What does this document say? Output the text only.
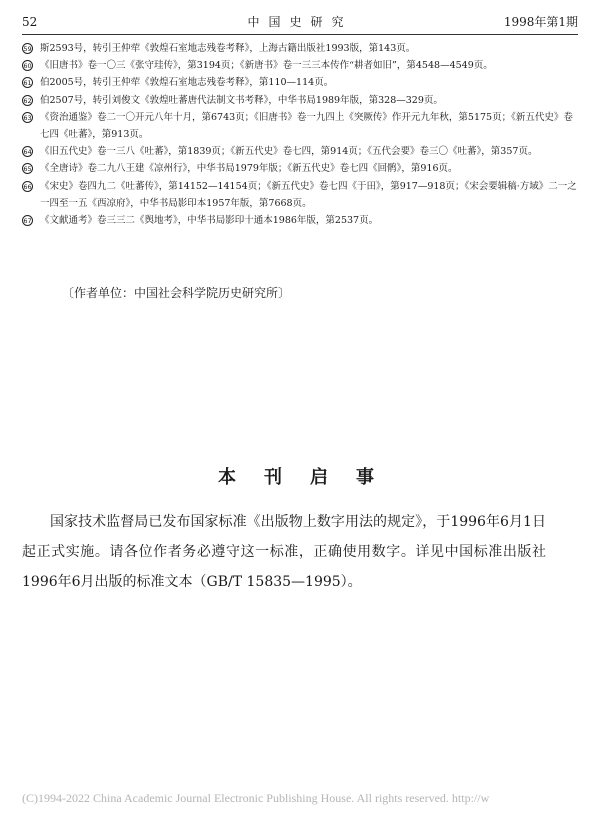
52	中国史研究	1998年第1期
59 斯2593号，转引王仲荦《敦煌石室地志残卷考释》，上海古籍出版社1993版，第143页。
60 《旧唐书》卷一〇三《张守珪传》，第3194页；《新唐书》卷一三三本传作“耕者如旧”，第4548—4549页。
61 伯2005号，转引王仲荦《敦煌石室地志残卷考释》，第110—114页。
62 伯2507号，转引刘俊文《敦煌吐蕃唐代法制文书考释》，中华书局1989年版，第328—329页。
63 《资治通鉴》卷二一〇开元八年十月，第6743页；《旧唐书》卷一九四上《突厥传》作开元九年秋，第5175页；《新五代史》卷七四《吐蕃》，第913页。
64 《旧五代史》卷一三八《吐蕃》，第1839页；《新五代史》卷七四，第914页；《五代会要》卷三〇《吐蕃》，第357页。
65 《全唐诗》卷二九八王建《凉州行》，中华书局1979年版；《新五代史》卷七四《回鹘》，第916页。
66 《宋史》卷四九二《吐蕃传》，第14152—14154页；《新五代史》卷七四《于田》，第917—918页；《宋会要辑稿·方域》二一之一四至一五《西凉府》，中华书局影印本1957年版，第7668页。
67 《文献通考》卷三三二《舆地考》，中华书局影印十通本1986年版，第2537页。
〔作者单位：中国社会科学院历史研究所〕
本刊启事
国家技术监督局已发布国家标准《出版物上数字用法的规定》，于1996年6月1日起正式实施。请各位作者务必遵守这一标准，正确使用数字。详见中国标准出版社1996年6月出版的标准文本（GB/T 15835—1995）。
(C)1994-2022 China Academic Journal Electronic Publishing House. All rights reserved. http://w
